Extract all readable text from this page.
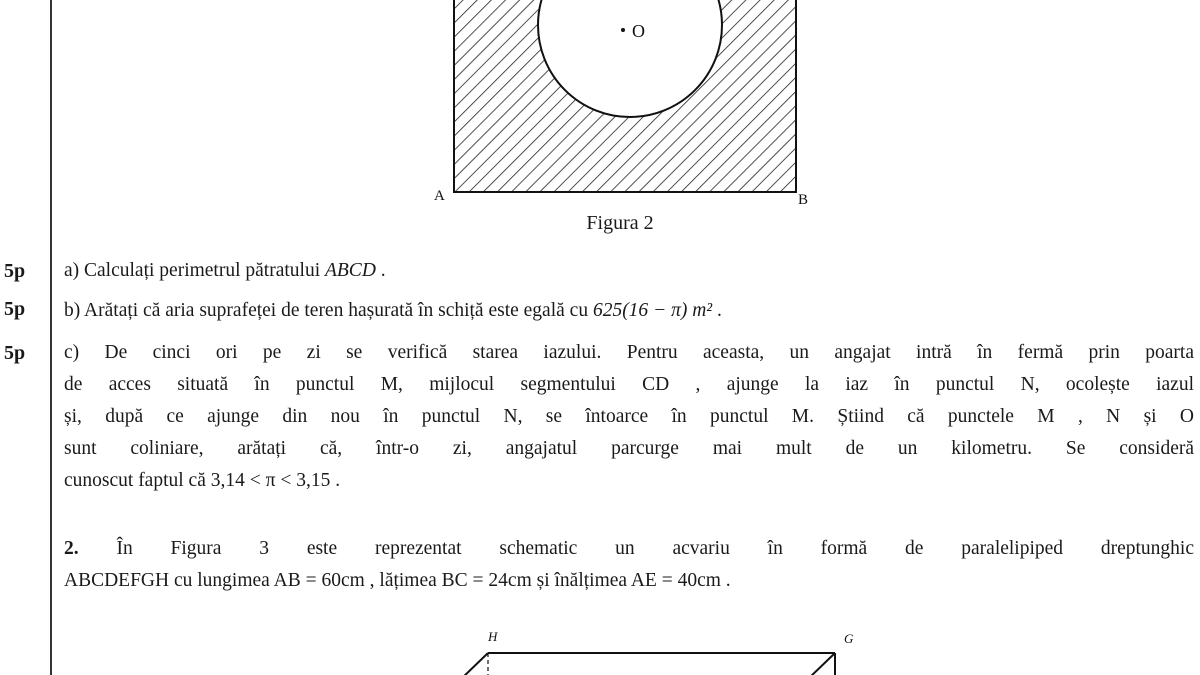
O
A	B
Figura 2
5p
5p
5p
a) Calculați perimetrul pătratului ABCD .
b) Arătați că aria suprafeței de teren hașurată în schiță este egală cu 625(16 − π) m² .
c) De cinci ori pe zi se verifică starea iazului. Pentru aceasta, un angajat intră în fermă prin poarta
de acces situată în punctul M, mijlocul segmentului CD , ajunge la iaz în punctul N, ocolește iazul
și, după ce ajunge din nou în punctul N, se întoarce în punctul M. Știind că punctele M , N și O
sunt coliniare, arătați că, într-o zi, angajatul parcurge mai mult de un kilometru. Se consideră
cunoscut faptul că 3,14 < π < 3,15 .
2. În Figura 3 este reprezentat schematic un acvariu în formă de paralelipiped dreptunghic
ABCDEFGH cu lungimea AB = 60cm , lățimea BC = 24cm și înălțimea AE = 40cm .
H	G
